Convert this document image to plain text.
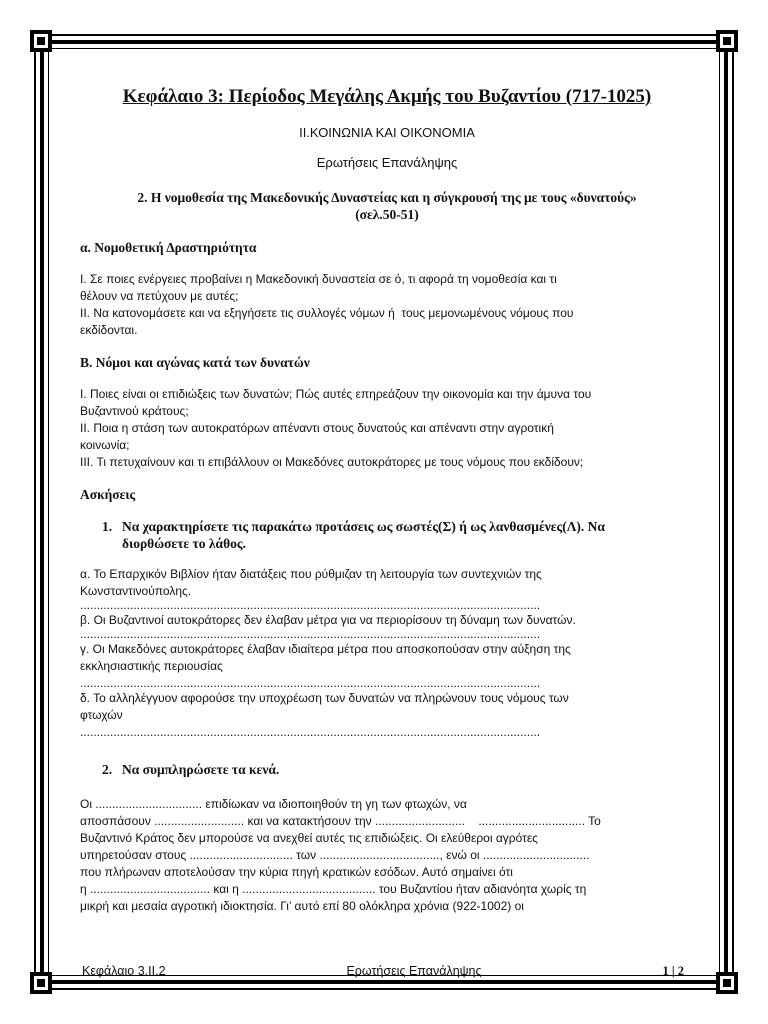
Κεφάλαιο 3: Περίοδος Μεγάλης Ακμής του Βυζαντίου (717-1025)
ΙΙ.ΚΟΙΝΩΝΙΑ ΚΑΙ ΟΙΚΟΝΟΜΙΑ
Ερωτήσεις Επανάληψης
2. Η νομοθεσία της Μακεδονικής Δυναστείας και η σύγκρουσή της με τους «δυνατούς»
(σελ.50-51)
α. Νομοθετική Δραστηριότητα

Ι. Σε ποιες ενέργειες προβαίνει η Μακεδονική δυναστεία σε ό, τι αφορά τη νομοθεσία και τι

θέλουν να πετύχουν με αυτές;

ΙΙ. Να κατονομάσετε και να εξηγήσετε τις συλλογές νόμων ή  τους μεμονωμένους νόμους που

εκδίδονται.

Β. Νόμοι και αγώνας κατά των δυνατών

Ι. Ποιες είναι οι επιδιώξεις των δυνατών; Πώς αυτές επηρεάζουν την οικονομία και την άμυνα του

Βυζαντινού κράτους;

ΙΙ. Ποια η στάση των αυτοκρατόρων απέναντι στους δυνατούς και απέναντι στην αγροτική

κοινωνία;

ΙΙΙ. Τι πετυχαίνουν και τι επιβάλλουν οι Μακεδόνες αυτοκράτορες με τους νόμους που εκδίδουν;

Ασκήσεις
1. Να χαρακτηρίσετε τις παρακάτω προτάσεις ως σωστές(Σ) ή ως λανθασμένες(Λ). Να
διορθώσετε το λάθος.

α. Το Επαρχικόν Βιβλίον ήταν διατάξεις που ρύθμιζαν τη λειτουργία των συντεχνιών της

Κωνσταντινούπολης.

..........................................................................................................................................

β. Οι Βυζαντινοί αυτοκράτορες δεν έλαβαν μέτρα για να περιορίσουν τη δύναμη των δυνατών.

..........................................................................................................................................

γ. Οι Μακεδόνες αυτοκράτορες έλαβαν ιδιαίτερα μέτρα που αποσκοπούσαν στην αύξηση της

εκκλησιαστικής περιουσίας

..........................................................................................................................................

δ. Το αλληλέγγυον αφορούσε την υποχρέωση των δυνατών να πληρώνουν τους νόμους των

φτωχών

..........................................................................................................................................
2. Να συμπληρώσετε τα κενά.

Οι ................................ επιδίωκαν να ιδιοποιηθούν τη γη των φτωχών, να

αποσπάσουν ........................... και να κατακτήσουν την ...........................    ................................ Το

Βυζαντινό Κράτος δεν μπορούσε να ανεχθεί αυτές τις επιδιώξεις. Οι ελεύθεροι αγρότες

υπηρετούσαν στους ............................... των ...................................., ενώ οι ................................

που πλήρωναν αποτελούσαν την κύρια πηγή κρατικών εσόδων. Αυτό σημαίνει ότι

η .................................... και η ........................................ του Βυζαντίου ήταν αδιανόητα χωρίς τη

μικρή και μεσαία αγροτική ιδιοκτησία. Γι’ αυτό επί 80 ολόκληρα χρόνια (922-1002) οι

Κεφάλαιο 3.ΙΙ.2	Ερωτήσεις Επανάληψης	1 | 2
